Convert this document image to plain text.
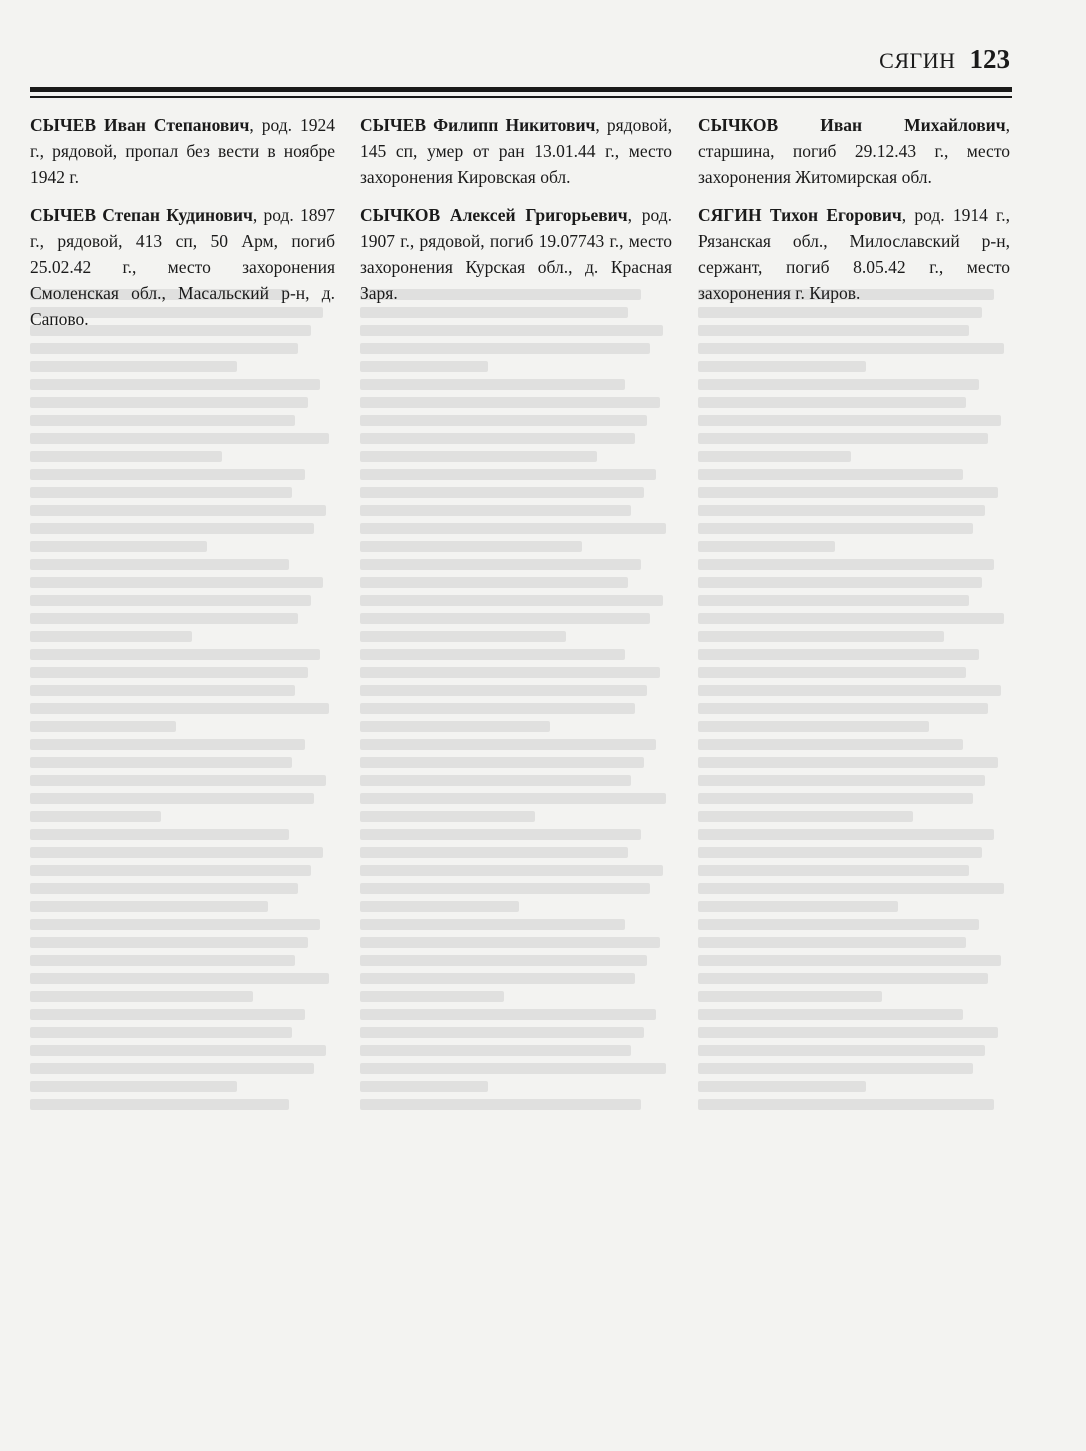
СЯГИН 123

СЫЧЕВ Иван Степанович, род. 1924 г., рядовой, пропал без вести в ноябре 1942 г.

СЫЧЕВ Степан Кудинович, род. 1897 г., рядовой, 413 сп, 50 Арм, погиб 25.02.42 г., место захоронения Смоленская обл., Масальский р-н, д. Сапово.

СЫЧЕВ Филипп Никитович, рядовой, 145 сп, умер от ран 13.01.44 г., место захоронения Кировская обл.

СЫЧКОВ Алексей Григорьевич, род. 1907 г., рядовой, погиб 19.07743 г., место захоронения Курская обл., д. Красная Заря.

СЫЧКОВ Иван Михайлович, старшина, погиб 29.12.43 г., место захоронения Житомирская обл.

СЯГИН Тихон Егорович, род. 1914 г., Рязанская обл., Милославский р-н, сержант, погиб 8.05.42 г., место захоронения г. Киров.
